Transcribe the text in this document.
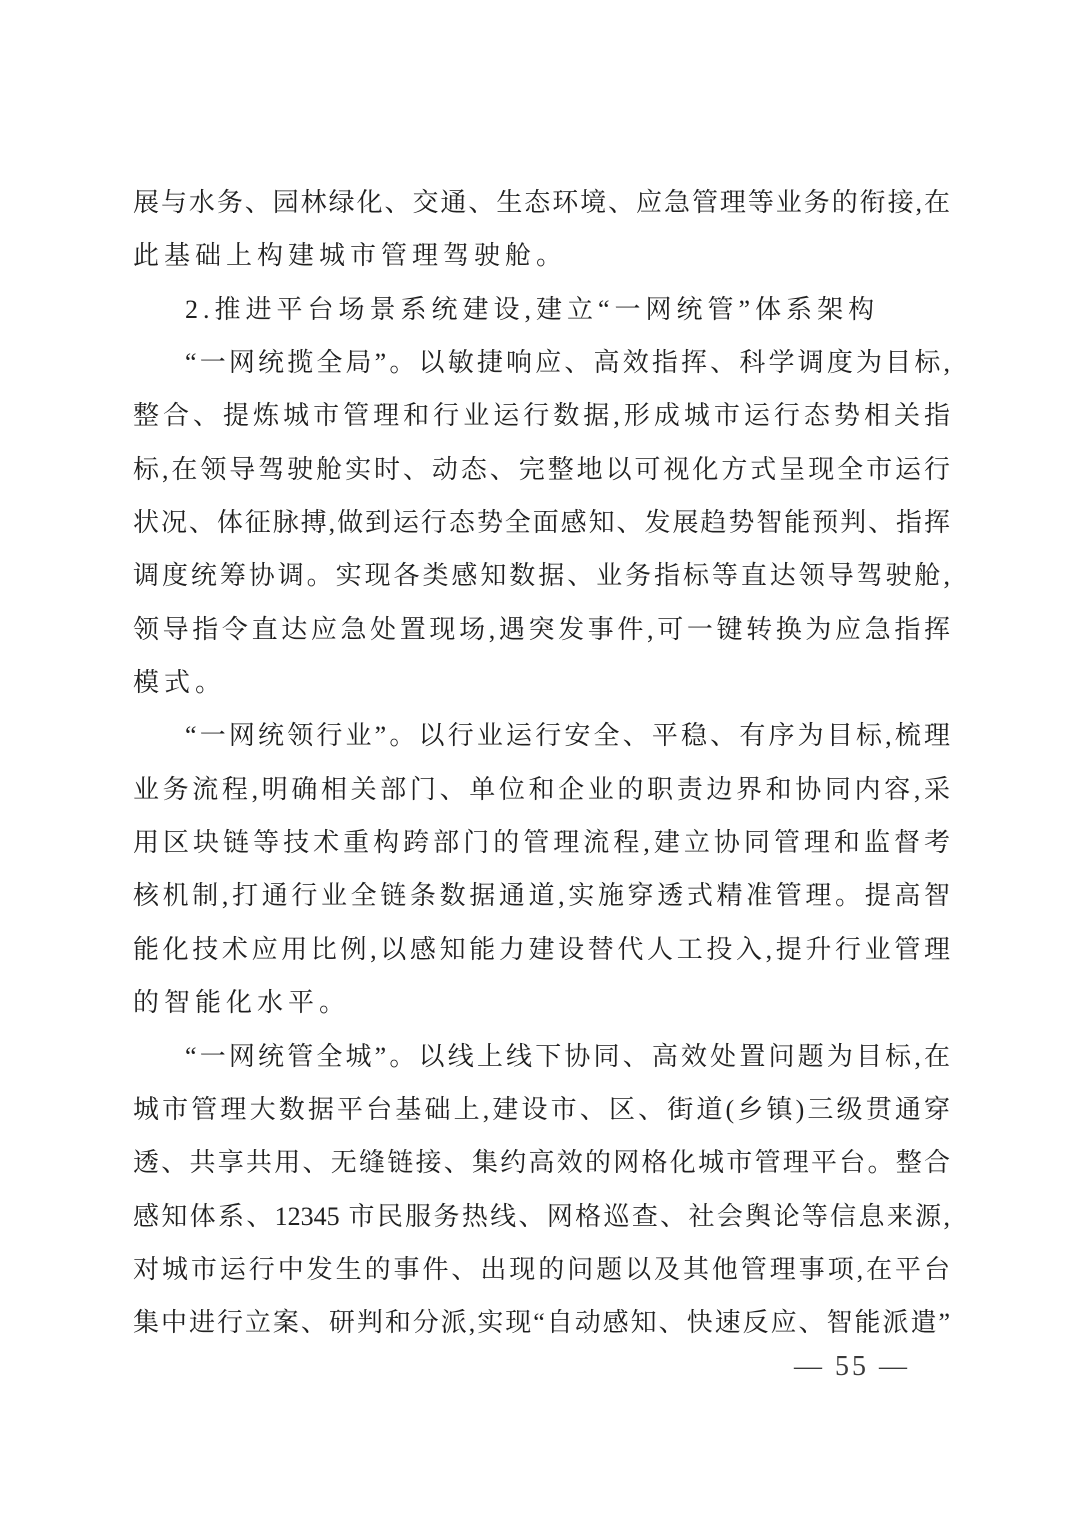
展与水务、园林绿化、交通、生态环境、应急管理等业务的衔接,在
此基础上构建城市管理驾驶舱。
2.推进平台场景系统建设,建立“一网统管”体系架构
“一网统揽全局”。以敏捷响应、高效指挥、科学调度为目标,
整合、提炼城市管理和行业运行数据,形成城市运行态势相关指
标,在领导驾驶舱实时、动态、完整地以可视化方式呈现全市运行
状况、体征脉搏,做到运行态势全面感知、发展趋势智能预判、指挥
调度统筹协调。实现各类感知数据、业务指标等直达领导驾驶舱,
领导指令直达应急处置现场,遇突发事件,可一键转换为应急指挥
模式。
“一网统领行业”。以行业运行安全、平稳、有序为目标,梳理
业务流程,明确相关部门、单位和企业的职责边界和协同内容,采
用区块链等技术重构跨部门的管理流程,建立协同管理和监督考
核机制,打通行业全链条数据通道,实施穿透式精准管理。提高智
能化技术应用比例,以感知能力建设替代人工投入,提升行业管理
的智能化水平。
“一网统管全城”。以线上线下协同、高效处置问题为目标,在
城市管理大数据平台基础上,建设市、区、街道(乡镇)三级贯通穿
透、共享共用、无缝链接、集约高效的网格化城市管理平台。整合
感知体系、12345 市民服务热线、网格巡查、社会舆论等信息来源,
对城市运行中发生的事件、出现的问题以及其他管理事项,在平台
集中进行立案、研判和分派,实现“自动感知、快速反应、智能派遣”
— 55 —
